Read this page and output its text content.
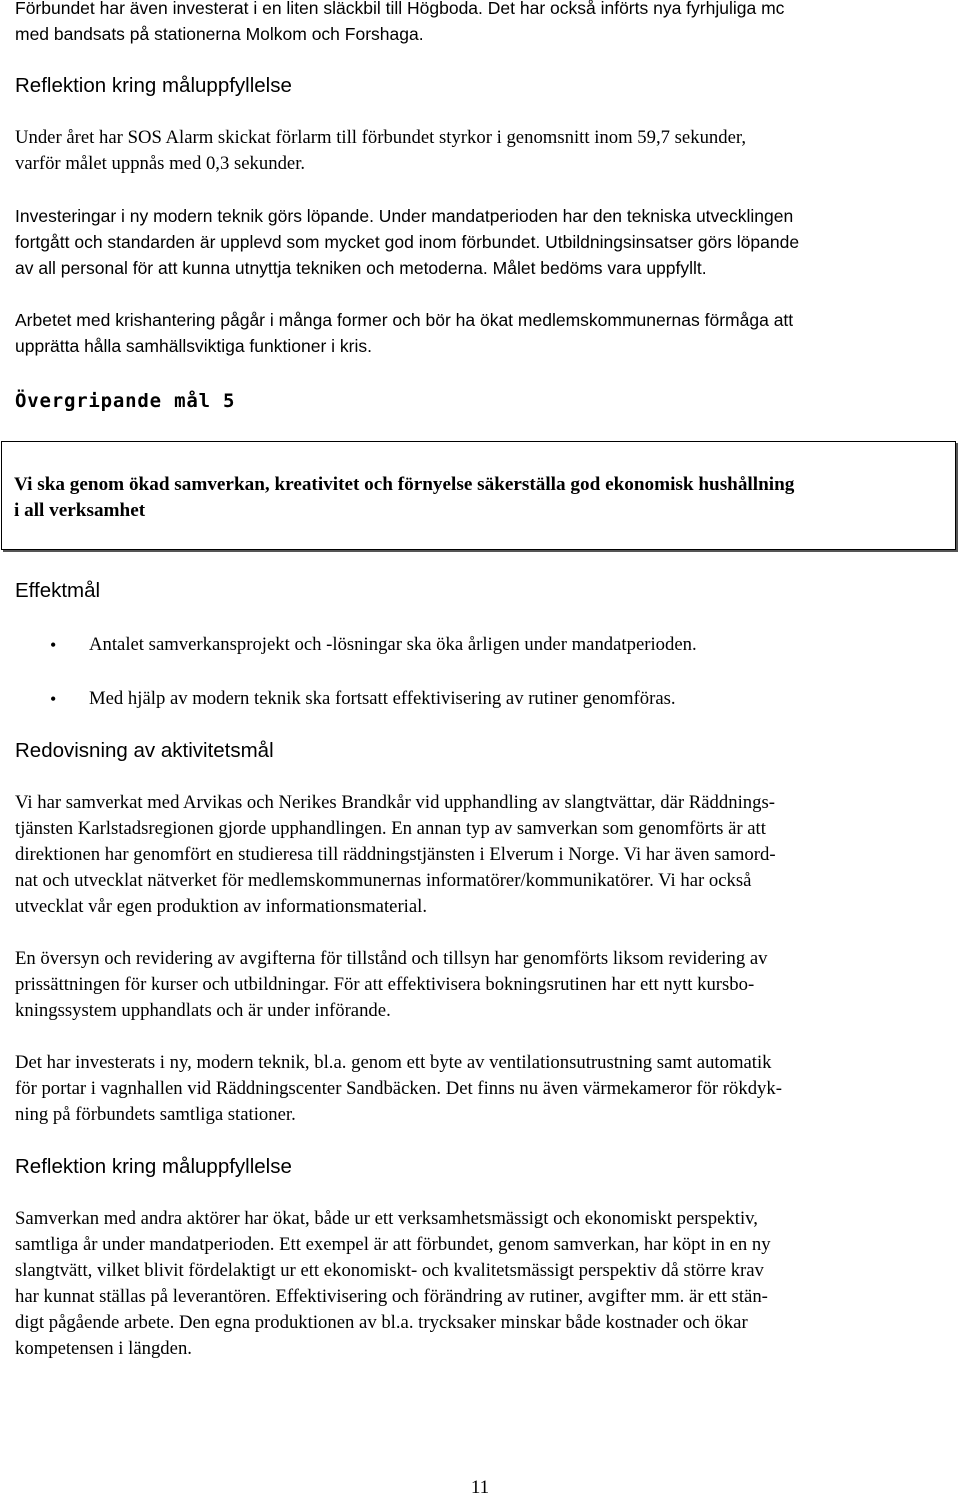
Förbundet har även investerat i en liten släckbil till Högboda. Det har också införts nya fyrhjuliga mc
med bandsats på stationerna Molkom och Forshaga.

Reflektion kring måluppfyllelse

Under året har SOS Alarm skickat förlarm till förbundet styrkor i genomsnitt inom 59,7 sekunder,
varför målet uppnås med 0,3 sekunder.

Investeringar i ny modern teknik görs löpande. Under mandatperioden har den tekniska utvecklingen
fortgått och standarden är upplevd som mycket god inom förbundet. Utbildningsinsatser görs löpande
av all personal för att kunna utnyttja tekniken och metoderna. Målet bedöms vara uppfyllt.

Arbetet med krishantering pågår i många former och bör ha ökat medlemskommunernas förmåga att
upprätta hålla samhällsviktiga funktioner i kris.

Övergripande mål 5

Vi ska genom ökad samverkan, kreativitet och förnyelse säkerställa god ekonomisk hushållning
i all verksamhet

Effektmål
• Antalet samverkansprojekt och -lösningar ska öka årligen under mandatperioden.
• Med hjälp av modern teknik ska fortsatt effektivisering av rutiner genomföras.
Redovisning av aktivitetsmål

Vi har samverkat med Arvikas och Nerikes Brandkår vid upphandling av slangtvättar, där Räddnings-
tjänsten Karlstadsregionen gjorde upphandlingen. En annan typ av samverkan som genomförts är att
direktionen har genomfört en studieresa till räddningstjänsten i Elverum i Norge. Vi har även samord-
nat och utvecklat nätverket för medlemskommunernas informatörer/kommunikatörer. Vi har också
utvecklat vår egen produktion av informationsmaterial.

En översyn och revidering av avgifterna för tillstånd och tillsyn har genomförts liksom revidering av
prissättningen för kurser och utbildningar. För att effektivisera bokningsrutinen har ett nytt kursbo-
kningssystem upphandlats och är under införande.

Det har investerats i ny, modern teknik, bl.a. genom ett byte av ventilationsutrustning samt automatik
för portar i vagnhallen vid Räddningscenter Sandbäcken. Det finns nu även värmekameror för rökdyk-
ning på förbundets samtliga stationer.

Reflektion kring måluppfyllelse

Samverkan med andra aktörer har ökat, både ur ett verksamhetsmässigt och ekonomiskt perspektiv,
samtliga år under mandatperioden. Ett exempel är att förbundet, genom samverkan, har köpt in en ny
slangtvätt, vilket blivit fördelaktigt ur ett ekonomiskt- och kvalitetsmässigt perspektiv då större krav
har kunnat ställas på leverantören. Effektivisering och förändring av rutiner, avgifter mm. är ett stän-
digt pågående arbete. Den egna produktionen av bl.a. trycksaker minskar både kostnader och ökar
kompetensen i längden.

11
